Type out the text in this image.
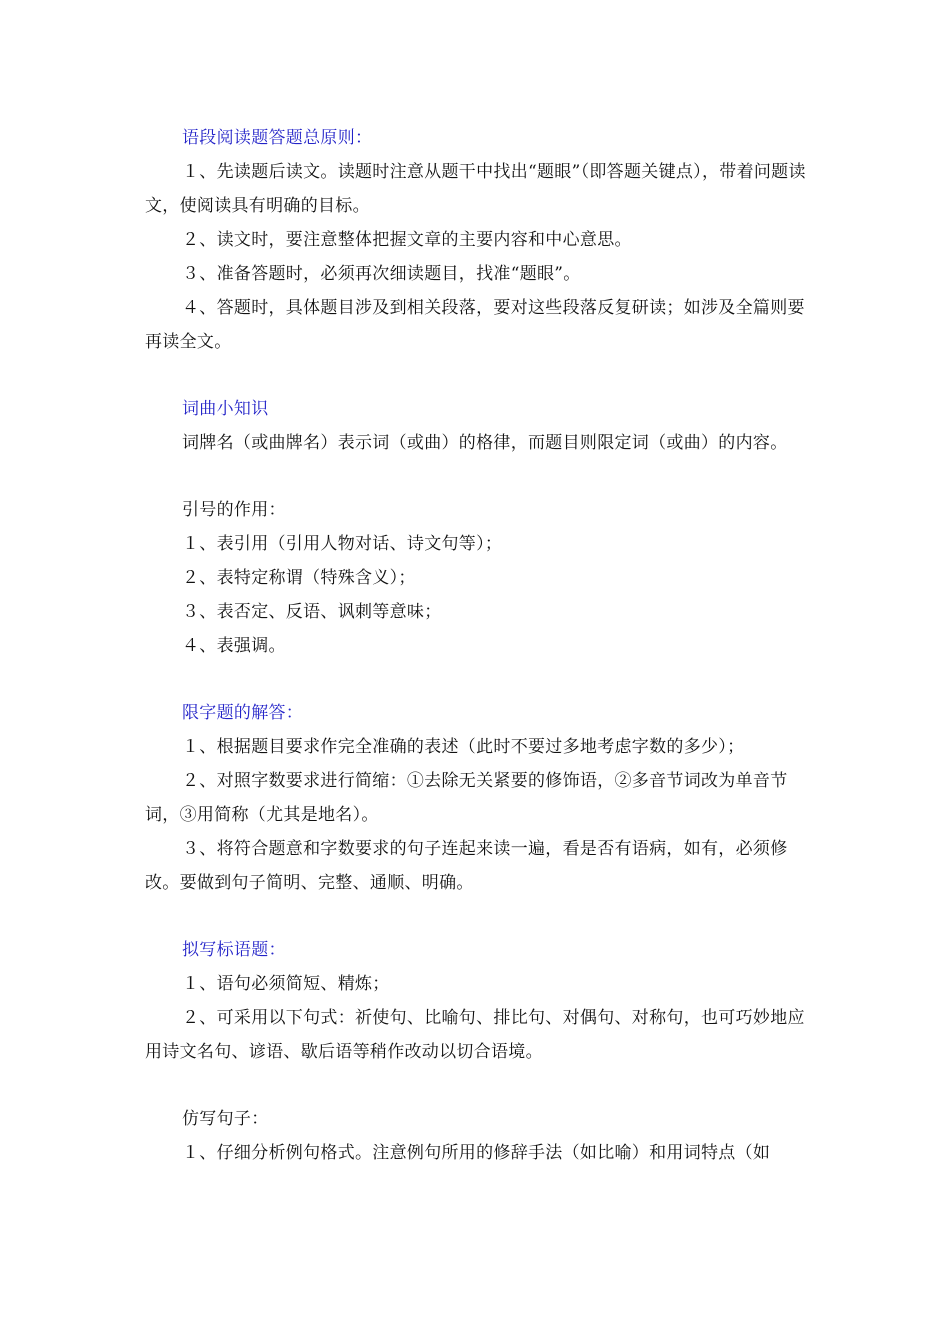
语段阅读题答题总原则：

１、先读题后读文。读题时注意从题干中找出“题眼”（即答题关键点），带着问题读文，使阅读具有明确的目标。

２、读文时，要注意整体把握文章的主要内容和中心意思。

３、准备答题时，必须再次细读题目，找准“题眼”。

４、答题时，具体题目涉及到相关段落，要对这些段落反复研读；如涉及全篇则要再读全文。

词曲小知识

词牌名（或曲牌名）表示词（或曲）的格律，而题目则限定词（或曲）的内容。

引号的作用：

１、表引用（引用人物对话、诗文句等）；

２、表特定称谓（特殊含义）；

３、表否定、反语、讽刺等意味；

４、表强调。

限字题的解答：

１、根据题目要求作完全准确的表述（此时不要过多地考虑字数的多少）；

２、对照字数要求进行简缩：①去除无关紧要的修饰语，②多音节词改为单音节词，③用简称（尤其是地名）。

３、将符合题意和字数要求的句子连起来读一遍，看是否有语病，如有，必须修改。要做到句子简明、完整、通顺、明确。

拟写标语题：

１、语句必须简短、精炼；

２、可采用以下句式：祈使句、比喻句、排比句、对偶句、对称句，也可巧妙地应用诗文名句、谚语、歇后语等稍作改动以切合语境。

仿写句子：

１、仔细分析例句格式。注意例句所用的修辞手法（如比喻）和用词特点（如
